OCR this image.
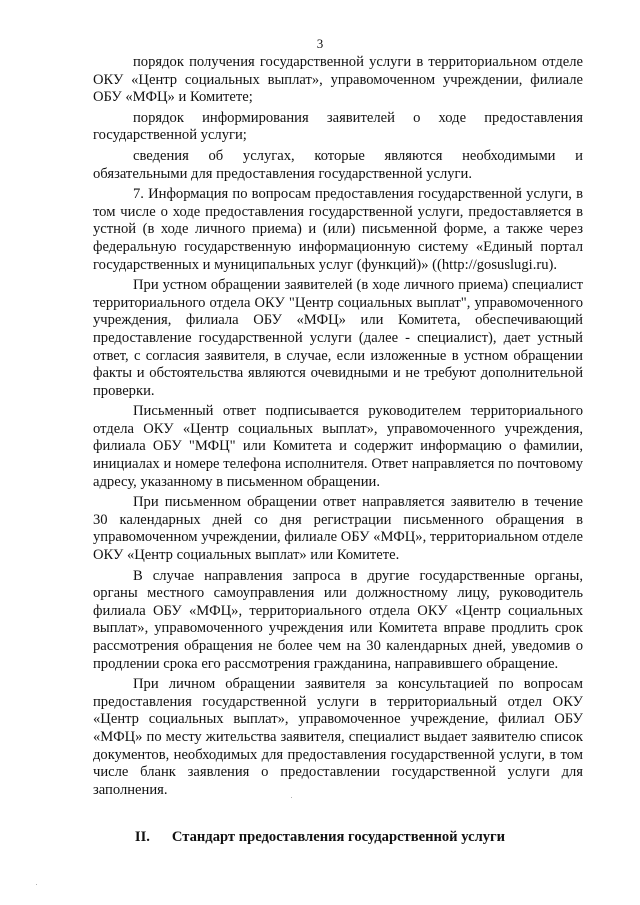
3

порядок получения государственной услуги в территориальном отделе ОКУ «Центр социальных выплат», управомоченном учреждении, филиале ОБУ «МФЦ» и Комитете;

порядок информирования заявителей о ходе предоставления государственной услуги;

сведения об услугах, которые являются необходимыми и обязательными для предоставления государственной услуги.

7. Информация по вопросам предоставления государственной услуги, в том числе о ходе предоставления государственной услуги, предоставляется в устной (в ходе личного приема) и (или) письменной форме, а также через федеральную государственную информационную систему «Единый портал государственных и муниципальных услуг (функций)» ((http://gosuslugi.ru).

При устном обращении заявителей (в ходе личного приема) специалист территориального отдела ОКУ "Центр социальных выплат", управомоченного учреждения, филиала ОБУ «МФЦ» или Комитета, обеспечивающий предоставление государственной услуги (далее - специалист), дает устный ответ, с согласия заявителя, в случае, если изложенные в устном обращении факты и обстоятельства являются очевидными и не требуют дополнительной проверки.

Письменный ответ подписывается руководителем территориального отдела ОКУ «Центр социальных выплат», управомоченного учреждения, филиала ОБУ "МФЦ" или Комитета и содержит информацию о фамилии, инициалах и номере телефона исполнителя. Ответ направляется по почтовому адресу, указанному в письменном обращении.

При письменном обращении ответ направляется заявителю в течение 30 календарных дней со дня регистрации письменного обращения в управомоченном учреждении, филиале ОБУ «МФЦ», территориальном отделе ОКУ «Центр социальных выплат» или Комитете.

В случае направления запроса в другие государственные органы, органы местного самоуправления или должностному лицу, руководитель филиала ОБУ «МФЦ», территориального отдела ОКУ «Центр социальных выплат», управомоченного учреждения или Комитета вправе продлить срок рассмотрения обращения не более чем на 30 календарных дней, уведомив о продлении срока его рассмотрения гражданина, направившего обращение.

При личном обращении заявителя за консультацией по вопросам предоставления государственной услуги в территориальный отдел ОКУ «Центр социальных выплат», управомоченное учреждение, филиал ОБУ «МФЦ» по месту жительства заявителя, специалист выдает заявителю список документов, необходимых для предоставления государственной услуги, в том числе бланк заявления о предоставлении государственной услуги для заполнения.

II. Стандарт предоставления государственной услуги
